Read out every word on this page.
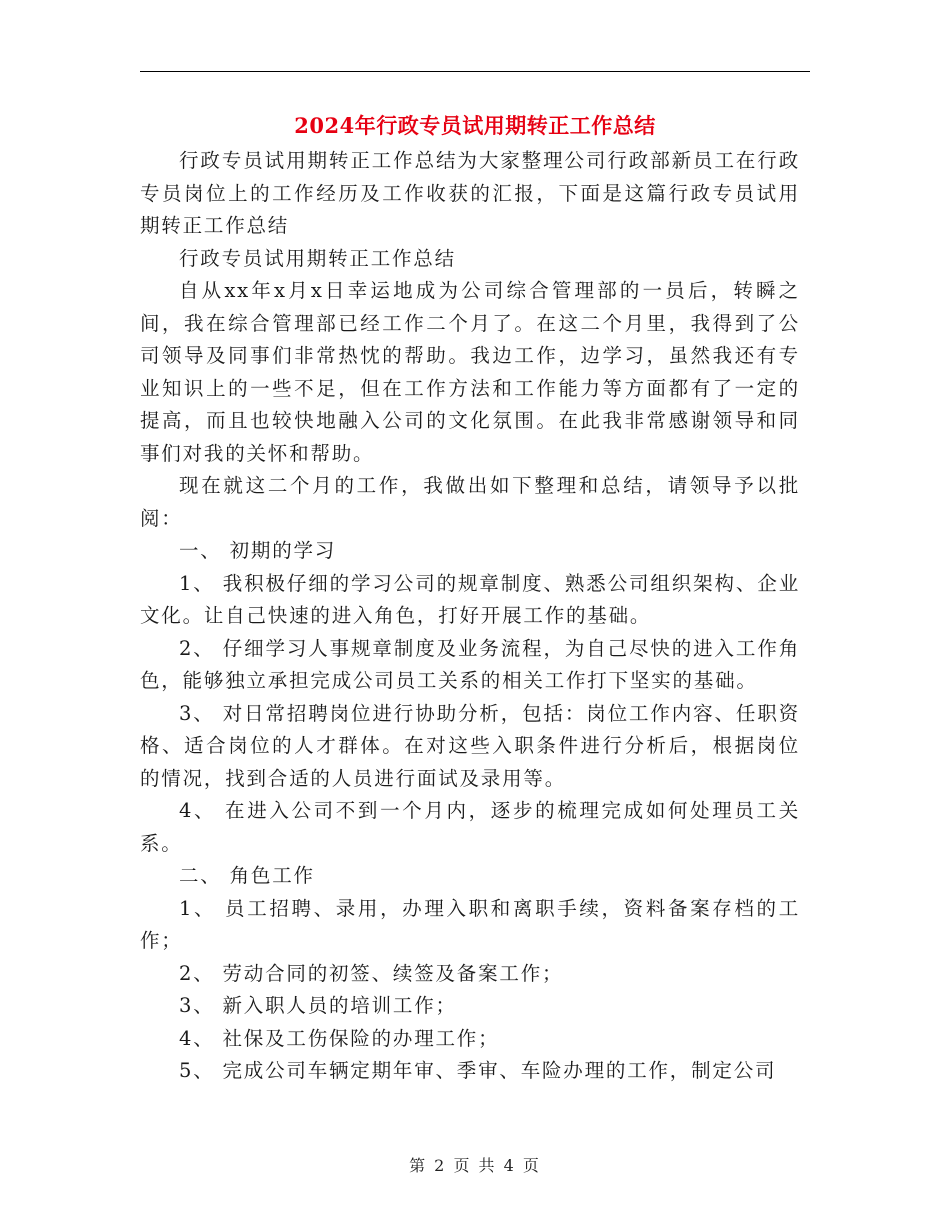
2024年行政专员试用期转正工作总结

行政专员试用期转正工作总结为大家整理公司行政部新员工在行政专员岗位上的工作经历及工作收获的汇报，下面是这篇行政专员试用期转正工作总结

行政专员试用期转正工作总结

自从xx年x月x日幸运地成为公司综合管理部的一员后，转瞬之间，我在综合管理部已经工作二个月了。在这二个月里，我得到了公司领导及同事们非常热忱的帮助。我边工作，边学习，虽然我还有专业知识上的一些不足，但在工作方法和工作能力等方面都有了一定的提高，而且也较快地融入公司的文化氛围。在此我非常感谢领导和同事们对我的关怀和帮助。

现在就这二个月的工作，我做出如下整理和总结，请领导予以批阅：

一、 初期的学习

1、 我积极仔细的学习公司的规章制度、熟悉公司组织架构、企业文化。让自己快速的进入角色，打好开展工作的基础。

2、 仔细学习人事规章制度及业务流程，为自己尽快的进入工作角色，能够独立承担完成公司员工关系的相关工作打下坚实的基础。

3、 对日常招聘岗位进行协助分析，包括：岗位工作内容、任职资格、适合岗位的人才群体。在对这些入职条件进行分析后，根据岗位的情况，找到合适的人员进行面试及录用等。

4、 在进入公司不到一个月内，逐步的梳理完成如何处理员工关系。

二、 角色工作

1、 员工招聘、录用，办理入职和离职手续，资料备案存档的工作；

2、 劳动合同的初签、续签及备案工作；

3、 新入职人员的培训工作；

4、 社保及工伤保险的办理工作；

5、 完成公司车辆定期年审、季审、车险办理的工作，制定公司

第 2 页 共 4 页
